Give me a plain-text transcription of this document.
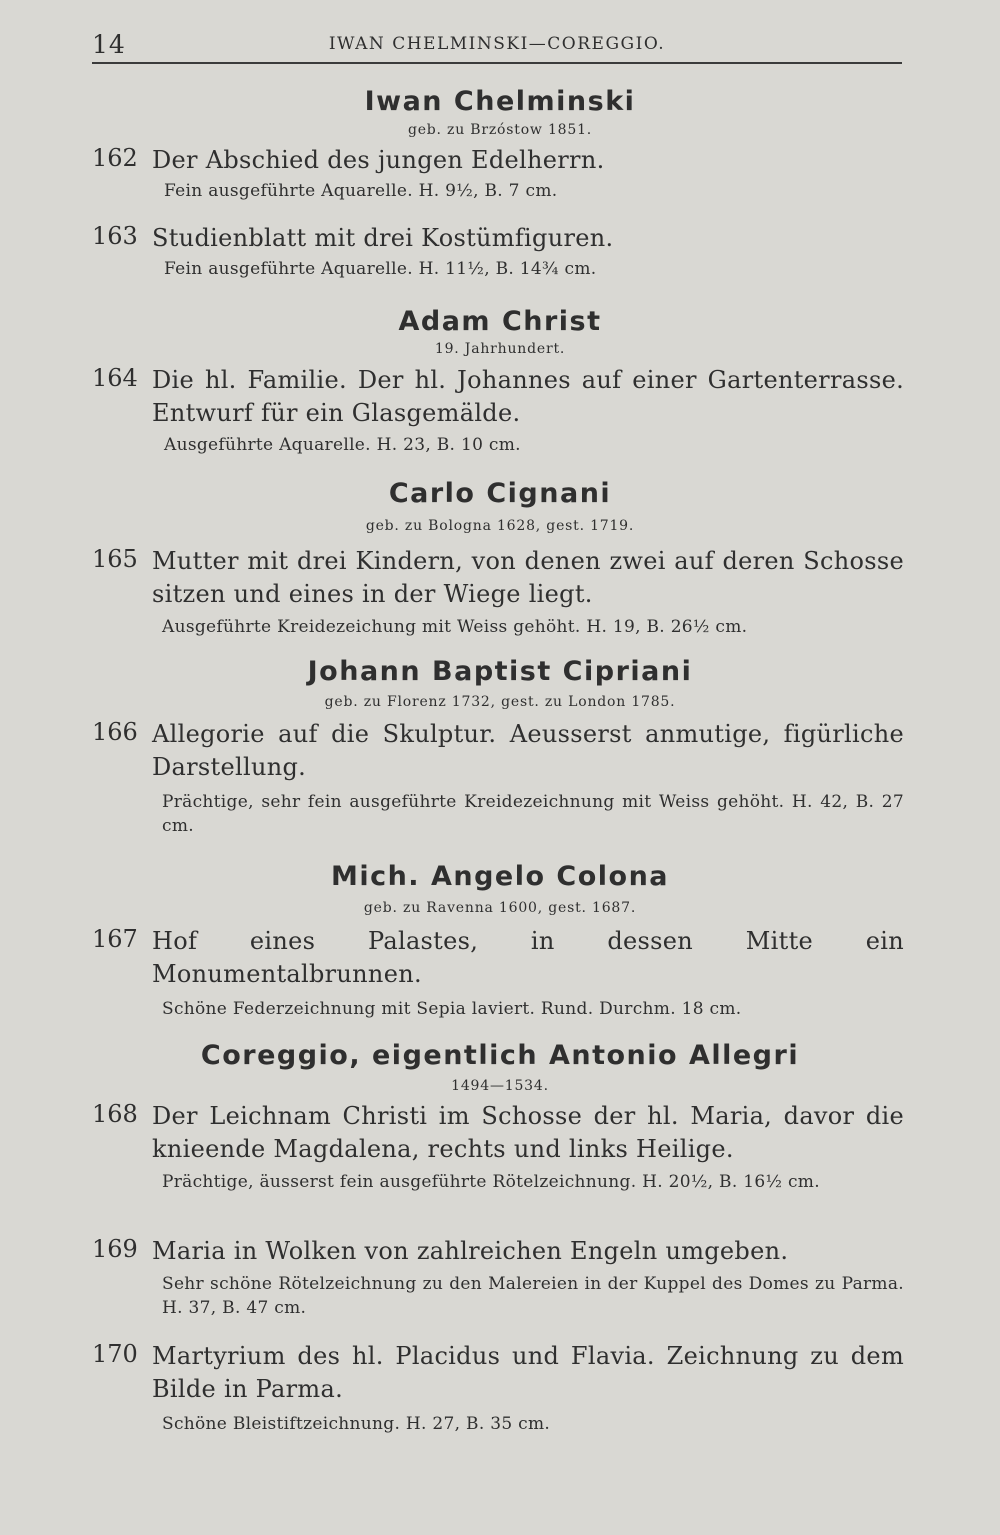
14	IWAN CHELMINSKI—COREGGIO.
Iwan Chelminski
geb. zu Brzóstow 1851.
162 Der Abschied des jungen Edelherrn.
Fein ausgeführte Aquarelle. H. 9½, B. 7 cm.
163 Studienblatt mit drei Kostümfiguren.
Fein ausgeführte Aquarelle. H. 11½, B. 14¾ cm.
Adam Christ
19. Jahrhundert.
164 Die hl. Familie. Der hl. Johannes auf einer Gartenterrasse. Entwurf für ein Glasgemälde.
Ausgeführte Aquarelle. H. 23, B. 10 cm.
Carlo Cignani
geb. zu Bologna 1628, gest. 1719.
165 Mutter mit drei Kindern, von denen zwei auf deren Schosse sitzen und eines in der Wiege liegt.
Ausgeführte Kreidezeichung mit Weiss gehöht. H. 19, B. 26½ cm.
Johann Baptist Cipriani
geb. zu Florenz 1732, gest. zu London 1785.
166 Allegorie auf die Skulptur. Aeusserst anmutige, figürliche Darstellung.
Prächtige, sehr fein ausgeführte Kreidezeichnung mit Weiss gehöht. H. 42, B. 27 cm.
Mich. Angelo Colona
geb. zu Ravenna 1600, gest. 1687.
167 Hof eines Palastes, in dessen Mitte ein Monumentalbrunnen.
Schöne Federzeichnung mit Sepia laviert. Rund. Durchm. 18 cm.
Coreggio, eigentlich Antonio Allegri
1494—1534.
168 Der Leichnam Christi im Schosse der hl. Maria, davor die knieende Magdalena, rechts und links Heilige.
Prächtige, äusserst fein ausgeführte Rötelzeichnung. H. 20½, B. 16½ cm.
169 Maria in Wolken von zahlreichen Engeln umgeben.
Sehr schöne Rötelzeichnung zu den Malereien in der Kuppel des Domes zu Parma. H. 37, B. 47 cm.
170 Martyrium des hl. Placidus und Flavia. Zeichnung zu dem Bilde in Parma.
Schöne Bleistiftzeichnung. H. 27, B. 35 cm.
